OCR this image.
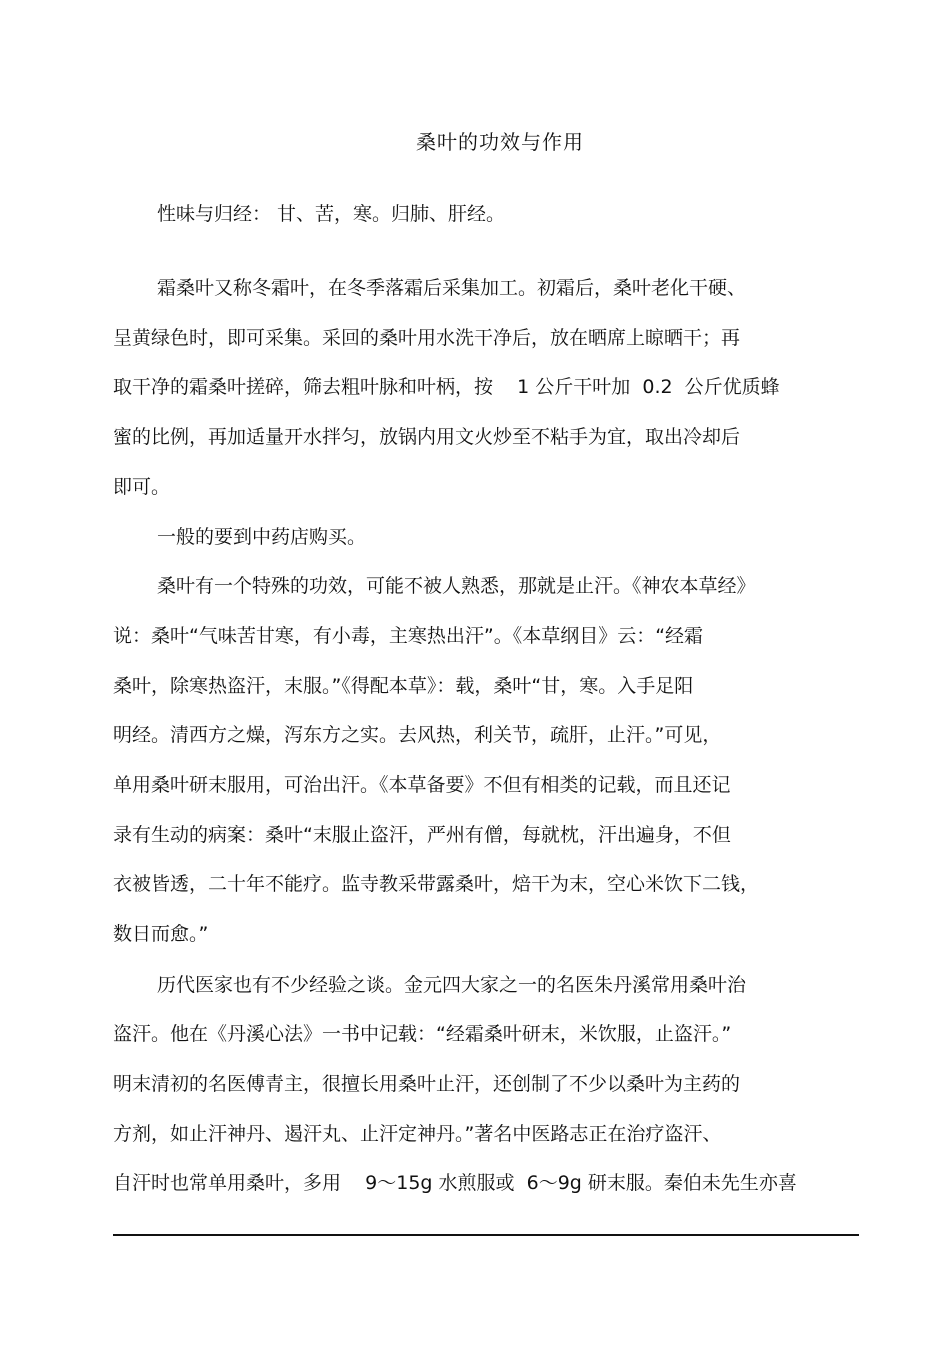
桑叶的功效与作用
性味与归经： 甘、苦，寒。归肺、肝经。
霜桑叶又称冬霜叶，在冬季落霜后采集加工。初霜后，桑叶老化干硬、
呈黄绿色时，即可采集。采回的桑叶用水洗干净后，放在晒席上晾晒干；再
取干净的霜桑叶搓碎，筛去粗叶脉和叶柄，按    1 公斤干叶加  0.2  公斤优质蜂
蜜的比例，再加适量开水拌匀，放锅内用文火炒至不粘手为宜，取出冷却后
即可。
一般的要到中药店购买。
桑叶有一个特殊的功效，可能不被人熟悉，那就是止汗。《神农本草经》
说：桑叶“气味苦甘寒，有小毒，主寒热出汗”。《本草纲目》云：“经霜
桑叶，除寒热盗汗，末服。”《得配本草》：载，桑叶“甘，寒。入手足阳
明经。清西方之燥，泻东方之实。去风热，利关节，疏肝，止汗。”可见，
单用桑叶研末服用，可治出汗。《本草备要》不但有相类的记载，而且还记
录有生动的病案：桑叶“末服止盗汗，严州有僧，每就枕，汗出遍身，不但
衣被皆透，二十年不能疗。监寺教采带露桑叶，焙干为末，空心米饮下二钱，
数日而愈。”
历代医家也有不少经验之谈。金元四大家之一的名医朱丹溪常用桑叶治
盗汗。他在《丹溪心法》一书中记载：“经霜桑叶研末，米饮服，止盗汗。”
明末清初的名医傅青主，很擅长用桑叶止汗，还创制了不少以桑叶为主药的
方剂，如止汗神丹、遏汗丸、止汗定神丹。”著名中医路志正在治疗盗汗、
自汗时也常单用桑叶，多用    9～15g 水煎服或  6～9g 研末服。秦伯未先生亦喜
